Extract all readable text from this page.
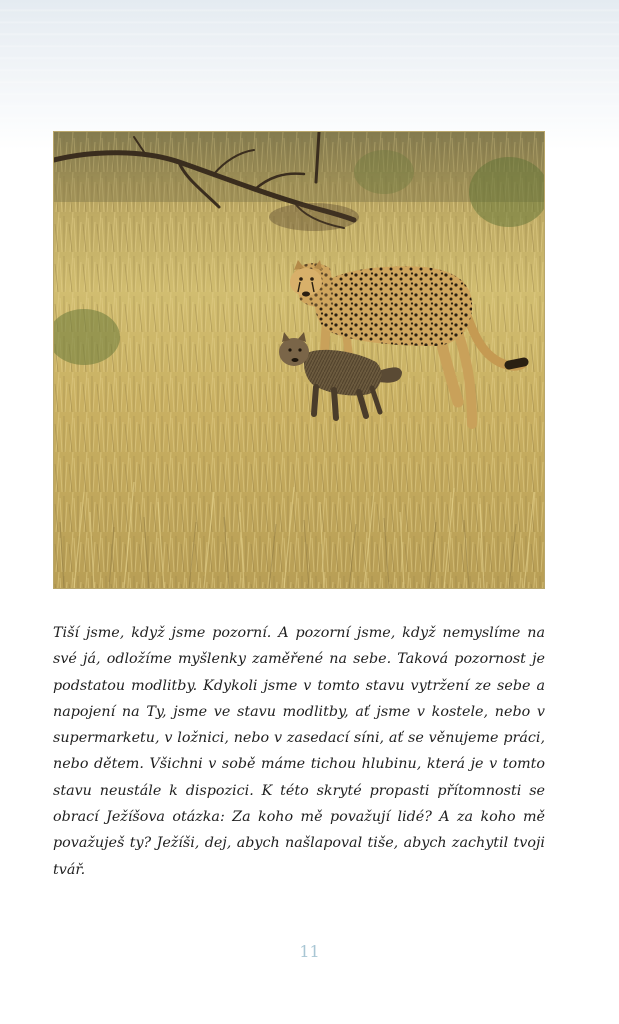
Tiší jsme, když jsme pozorní. A pozorní jsme, když nemyslíme na své já, odložíme myšlenky zaměřené na sebe. Taková pozornost je podstatou modlitby. Kdykoli jsme v tomto stavu vytržení ze sebe a napojení na Ty, jsme ve stavu modlitby, ať jsme v kostele, nebo v supermarketu, v ložnici, nebo v zasedací síni, ať se věnujeme práci, nebo dětem. Všichni v sobě máme tichou hlubinu, která je v tomto stavu neustále k dispozici. K této skryté propasti přítomnosti se obrací Ježíšova otázka: Za koho mě považují lidé? A za koho mě považuješ ty? Ježíši, dej, abych našlapoval tiše, abych zachytil tvoji tvář.

11
